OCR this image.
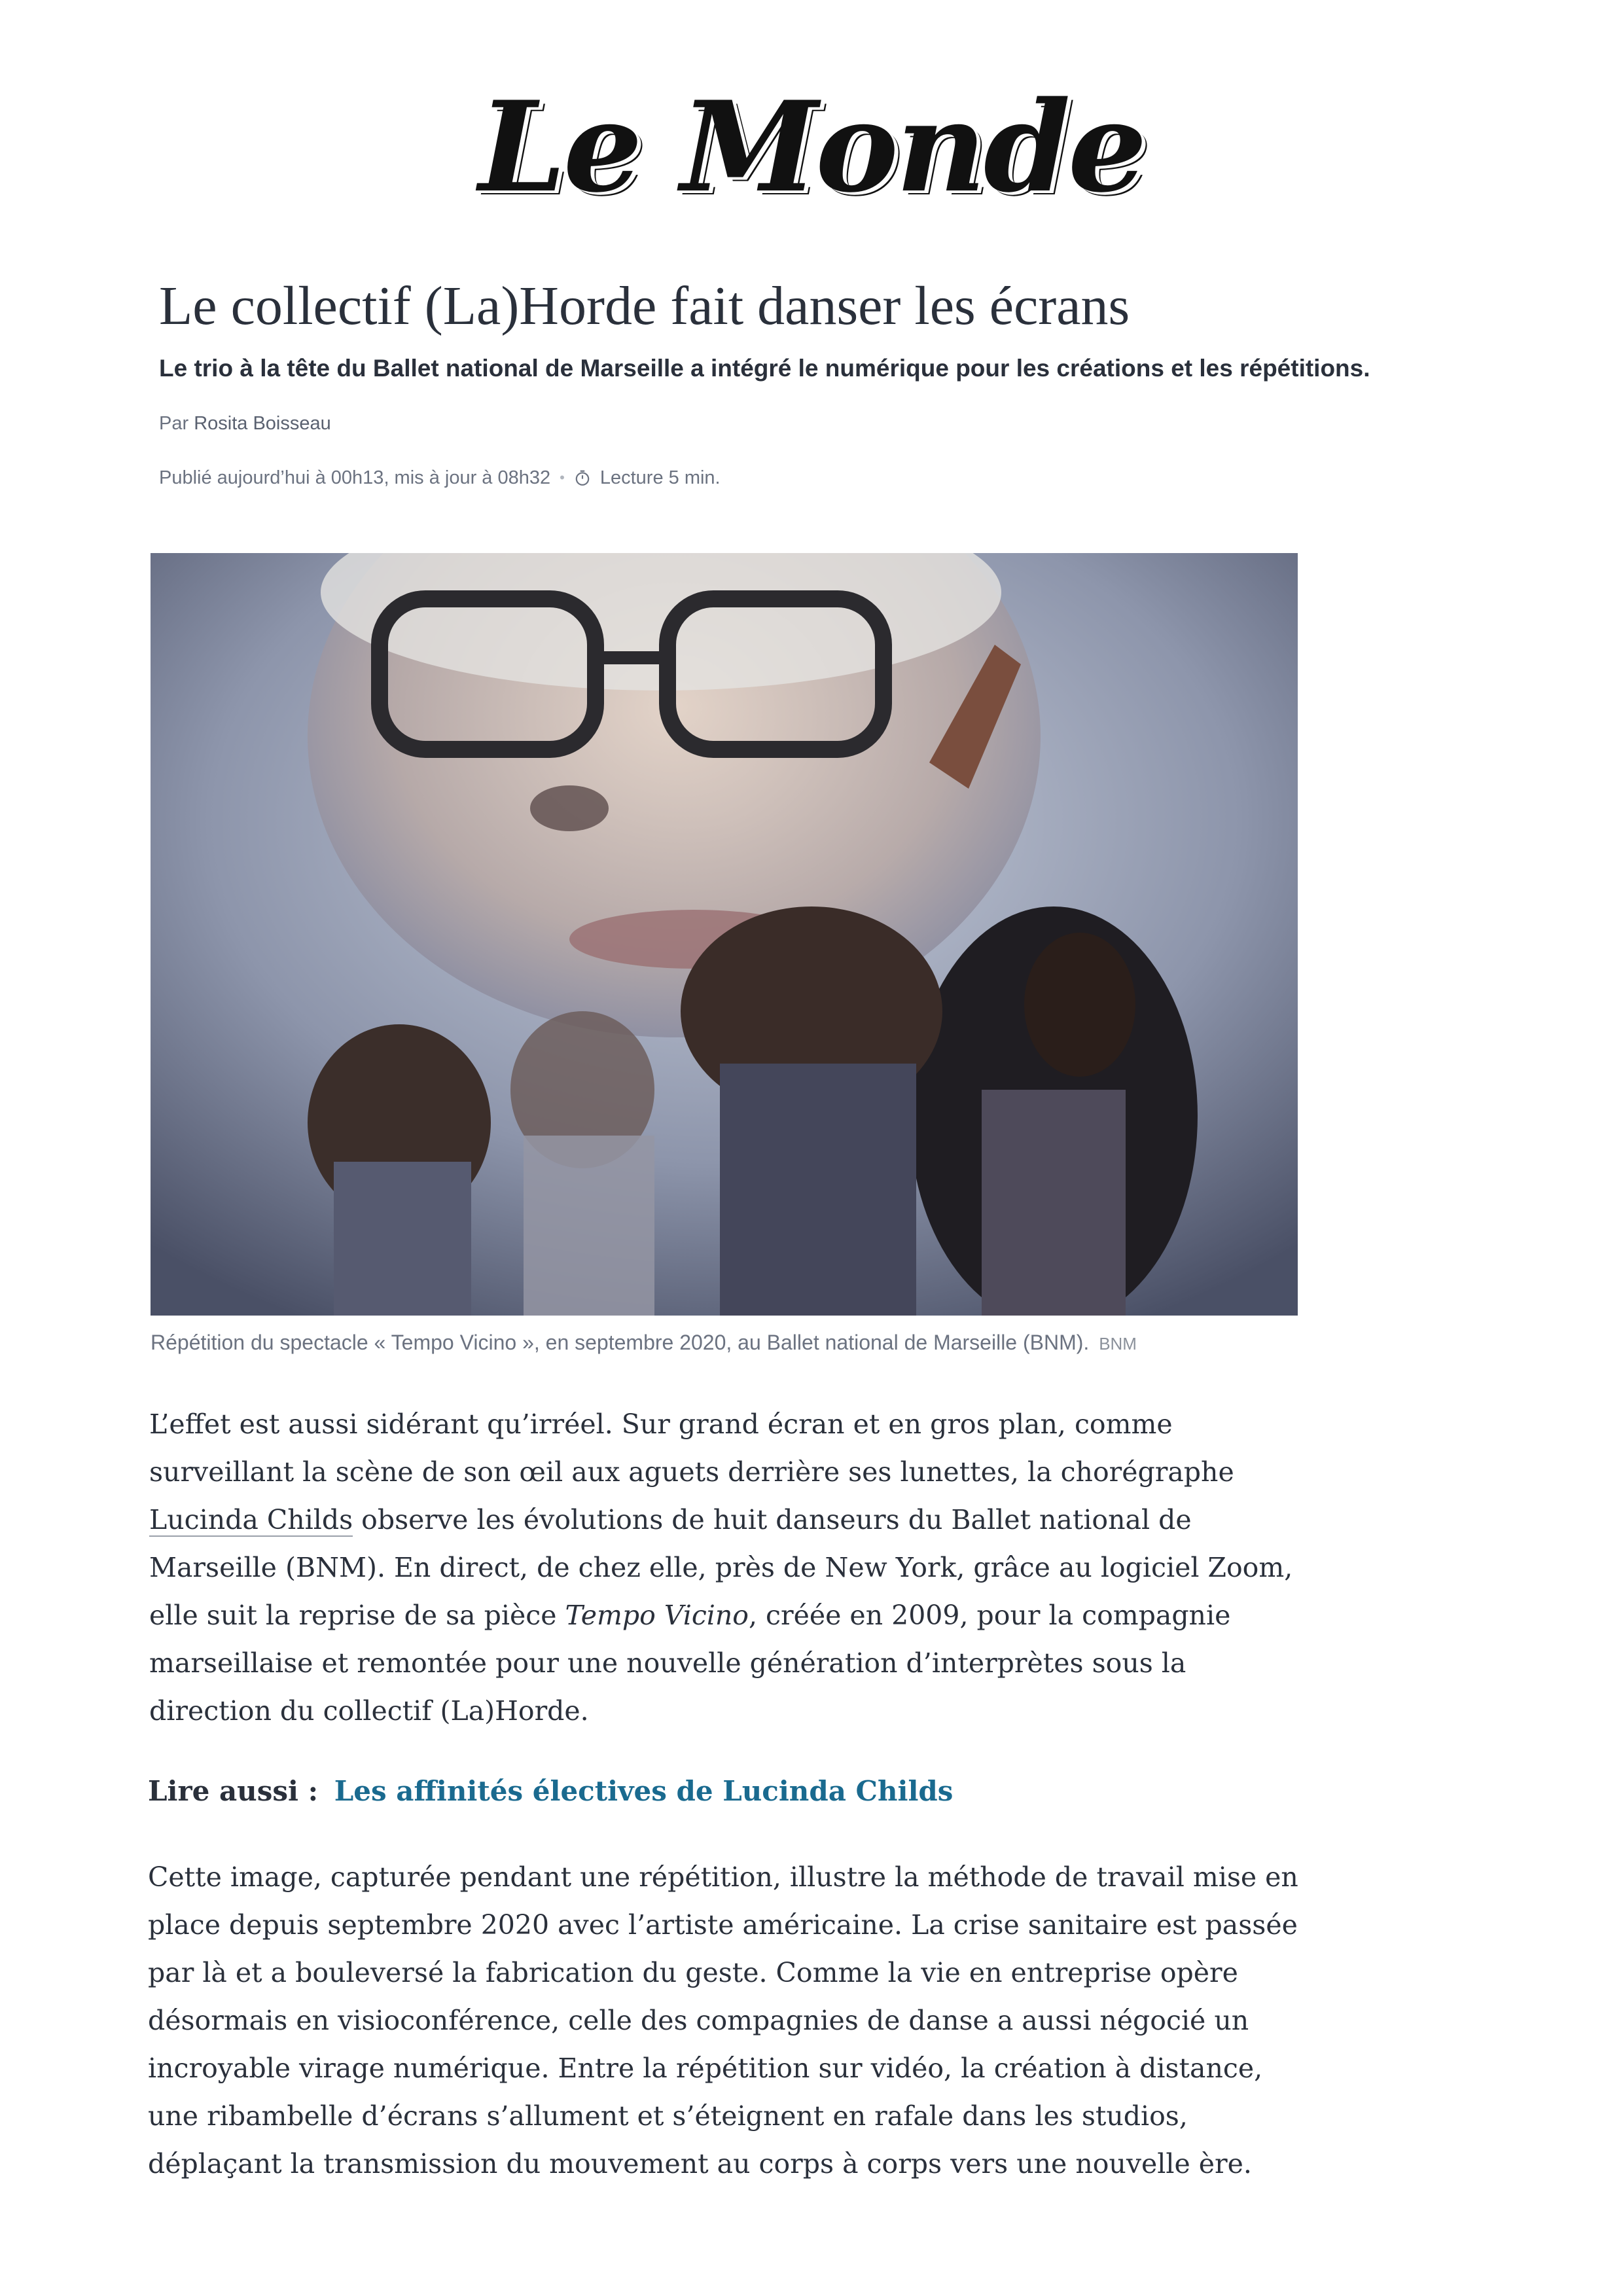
Le Monde
Le collectif (La)Horde fait danser les écrans
Le trio à la tête du Ballet national de Marseille a intégré le numérique pour les créations et les répétitions.
Par Rosita Boisseau
Publié aujourd’hui à 00h13, mis à jour à 08h32 • Lecture 5 min.
Répétition du spectacle « Tempo Vicino », en septembre 2020, au Ballet national de Marseille (BNM). BNM

L’effet est aussi sidérant qu’irréel. Sur grand écran et en gros plan, comme surveillant la scène de son œil aux aguets derrière ses lunettes, la chorégraphe Lucinda Childs observe les évolutions de huit danseurs du Ballet national de Marseille (BNM). En direct, de chez elle, près de New York, grâce au logiciel Zoom, elle suit la reprise de sa pièce Tempo Vicino, créée en 2009, pour la compagnie marseillaise et remontée pour une nouvelle génération d’interprètes sous la direction du collectif (La)Horde.

Lire aussi : Les affinités électives de Lucinda Childs

Cette image, capturée pendant une répétition, illustre la méthode de travail mise en place depuis septembre 2020 avec l’artiste américaine. La crise sanitaire est passée par là et a bouleversé la fabrication du geste. Comme la vie en entreprise opère désormais en visioconférence, celle des compagnies de danse a aussi négocié un incroyable virage numérique. Entre la répétition sur vidéo, la création à distance, une ribambelle d’écrans s’allument et s’éteignent en rafale dans les studios, déplaçant la transmission du mouvement au corps à corps vers une nouvelle ère.
